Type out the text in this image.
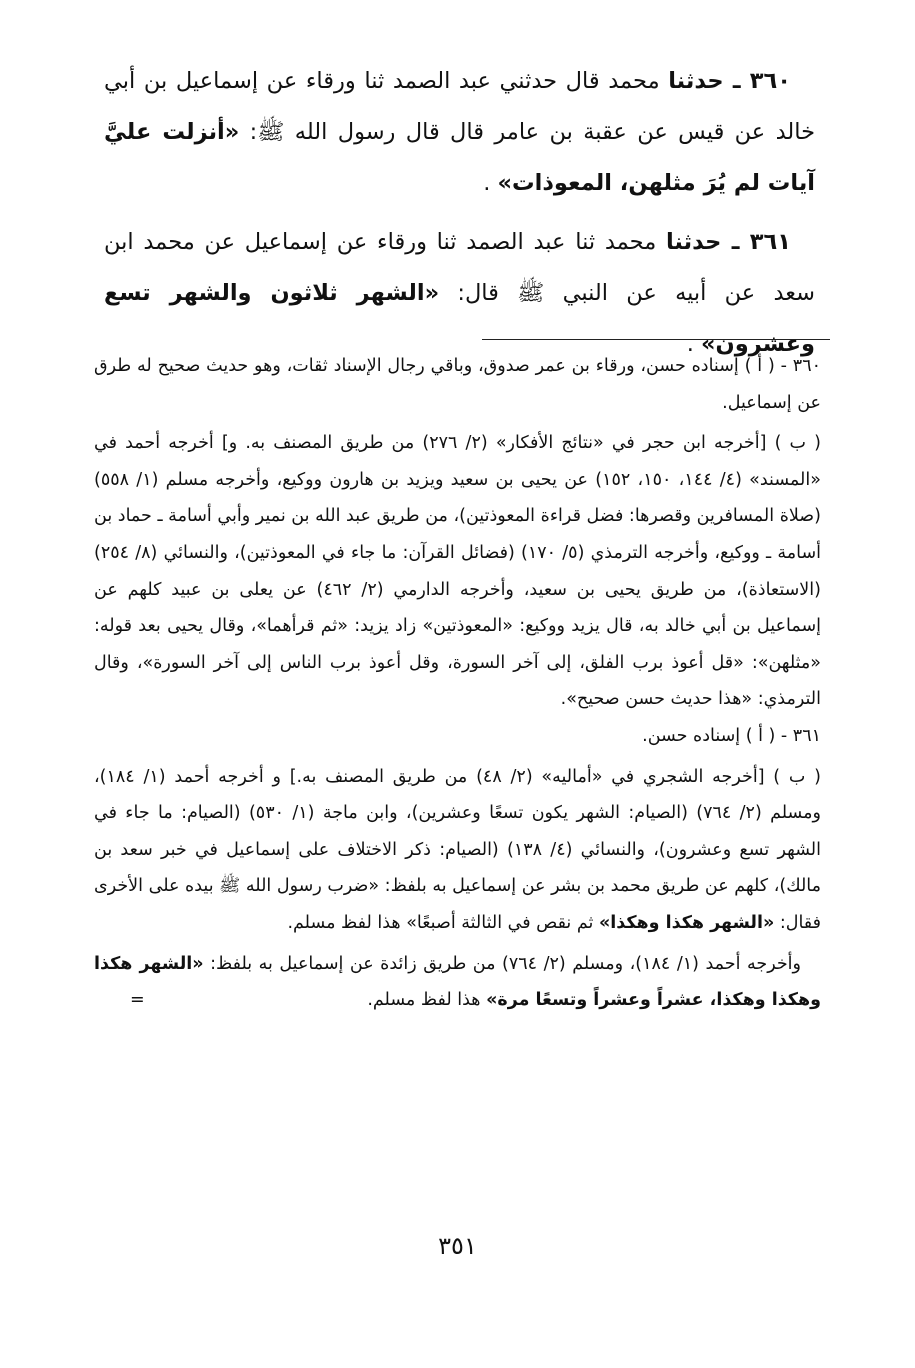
٣٦٠ ـ حدثنا محمد قال حدثني عبد الصمد ثنا ورقاء عن إسماعيل بن أبي خالد عن قيس عن عقبة بن عامر قال قال رسول الله ﷺ: «أنزلت عليَّ آيات لم يُرَ مثلهن، المعوذات» .

٣٦١ ـ حدثنا محمد ثنا عبد الصمد ثنا ورقاء عن إسماعيل عن محمد ابن سعد عن أبيه عن النبي ﷺ قال: «الشهر ثلاثون والشهر تسع وعشرون» .

٣٦٠ - ( أ ) إسناده حسن، ورقاء بن عمر صدوق، وباقي رجال الإسناد ثقات، وهو حديث صحيح له طرق عن إسماعيل.

( ب ) [أخرجه ابن حجر في «نتائج الأفكار» (٢/ ٢٧٦) من طريق المصنف به. و] أخرجه أحمد في «المسند» (٤/ ١٤٤، ١٥٠، ١٥٢) عن يحيى بن سعيد ويزيد بن هارون ووكيع، وأخرجه مسلم (١/ ٥٥٨) (صلاة المسافرين وقصرها: فضل قراءة المعوذتين)، من طريق عبد الله بن نمير وأبي أسامة ـ حماد بن أسامة ـ ووكيع، وأخرجه الترمذي (٥/ ١٧٠) (فضائل القرآن: ما جاء في المعوذتين)، والنسائي (٨/ ٢٥٤) (الاستعاذة)، من طريق يحيى بن سعيد، وأخرجه الدارمي (٢/ ٤٦٢) عن يعلى بن عبيد كلهم عن إسماعيل بن أبي خالد به، قال يزيد ووكيع: «المعوذتين» زاد يزيد: «ثم قرأهما»، وقال يحيى بعد قوله: «مثلهن»: «قل أعوذ برب الفلق، إلى آخر السورة، وقل أعوذ برب الناس إلى آخر السورة»، وقال الترمذي: «هذا حديث حسن صحيح».

٣٦١ - ( أ ) إسناده حسن.

( ب ) [أخرجه الشجري في «أماليه» (٢/ ٤٨) من طريق المصنف به.] و أخرجه أحمد (١/ ١٨٤)، ومسلم (٢/ ٧٦٤) (الصيام: الشهر يكون تسعًا وعشرين)، وابن ماجة (١/ ٥٣٠) (الصيام: ما جاء في الشهر تسع وعشرون)، والنسائي (٤/ ١٣٨) (الصيام: ذكر الاختلاف على إسماعيل في خبر سعد بن مالك)، كلهم عن طريق محمد بن بشر عن إسماعيل به بلفظ: «ضرب رسول الله ﷺ بيده على الأخرى فقال: «الشهر هكذا وهكذا» ثم نقص في الثالثة أصبعًا» هذا لفظ مسلم.

وأخرجه أحمد (١/ ١٨٤)، ومسلم (٢/ ٧٦٤) من طريق زائدة عن إسماعيل به بلفظ: «الشهر هكذا وهكذا وهكذا، عشراً وعشراً وتسعًا مرة» هذا لفظ مسلم.
=

٣٥١
